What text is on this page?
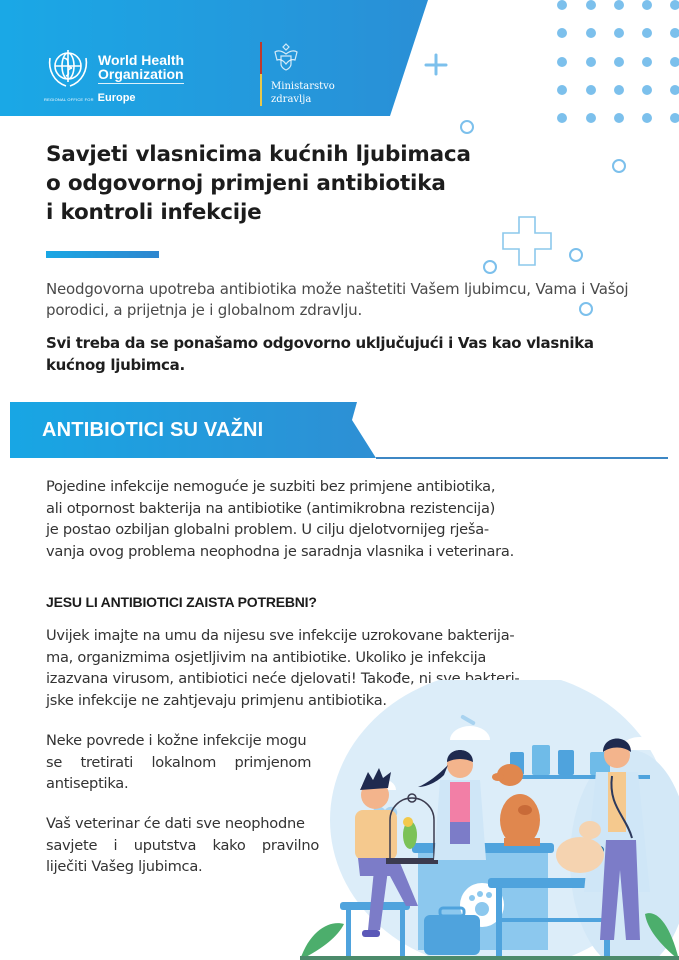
World Health
Organization
REGIONAL OFFICE FOR Europe
Ministarstvo
zdravlja
Savjeti vlasnicima kućnih ljubimaca
o odgovornoj primjeni antibiotika
i kontroli infekcije
Neodgovorna upotreba antibiotika može naštetiti Vašem ljubimcu, Vama i Vašoj porodici, a prijetnja je i globalnom zdravlju.
Svi treba da se ponašamo odgovorno uključujući i Vas kao vlasnika kućnog ljubimca.
ANTIBIOTICI SU VAŽNI
Pojedine infekcije nemoguće je suzbiti bez primjene antibiotika,
ali otpornost bakterija na antibiotike (antimikrobna rezistencija)
je postao ozbiljan globalni problem. U cilju djelotvornijeg rješa-
vanja ovog problema neophodna je saradnja vlasnika i veterinara.
JESU LI ANTIBIOTICI ZAISTA POTREBNI?
Uvijek imajte na umu da nijesu sve infekcije uzrokovane bakterija-
ma, organizmima osjetljivim na antibiotike. Ukoliko je infekcija
izazvana virusom, antibiotici neće djelovati! Takođe, ni sve bakteri-
jske infekcije ne zahtjevaju primjenu antibiotika.
Neke povrede i kožne infekcije mogu
se tretirati lokalnom primjenom
antiseptika.
Vaš veterinar će dati sve neophodne
savjete i uputstva kako pravilno
liječiti Vašeg ljubimca.
